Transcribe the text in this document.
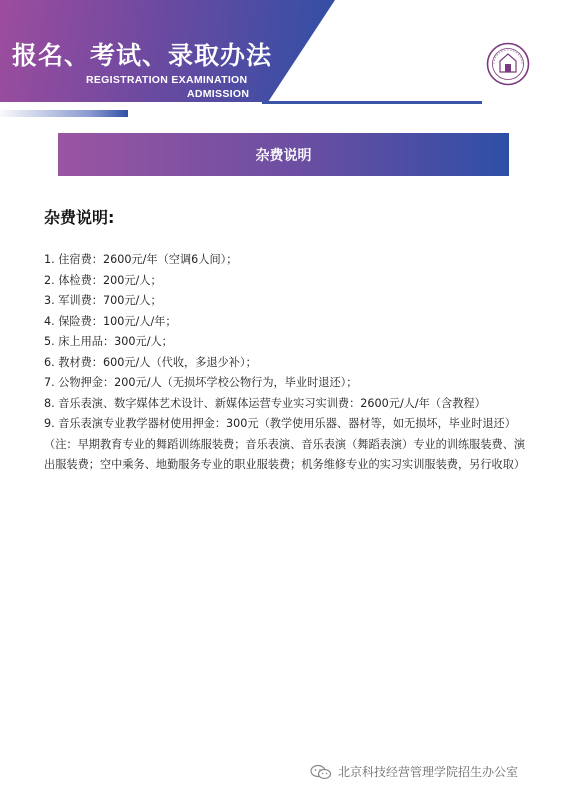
报名、考试、录取办法
REGISTRATION EXAMINATION
ADMISSION
杂费说明
杂费说明:

1. 住宿费：2600元/年（空调6人间）；

2. 体检费：200元/人；

3. 军训费：700元/人；

4. 保险费：100元/人/年；

5. 床上用品：300元/人；

6. 教材费：600元/人（代收，多退少补）；

7. 公物押金：200元/人（无损坏学校公物行为，毕业时退还）；

8. 音乐表演、数字媒体艺术设计、新媒体运营专业实习实训费：2600元/人/年（含教程）

9. 音乐表演专业教学器材使用押金：300元（教学使用乐器、器材等，如无损坏，毕业时退还）

（注：早期教育专业的舞蹈训练服装费；音乐表演、音乐表演（舞蹈表演）专业的训练服装费、演出服装费；空中乘务、地勤服务专业的职业服装费；机务维修专业的实习实训服装费，另行收取）

北京科技经营管理学院招生办公室
